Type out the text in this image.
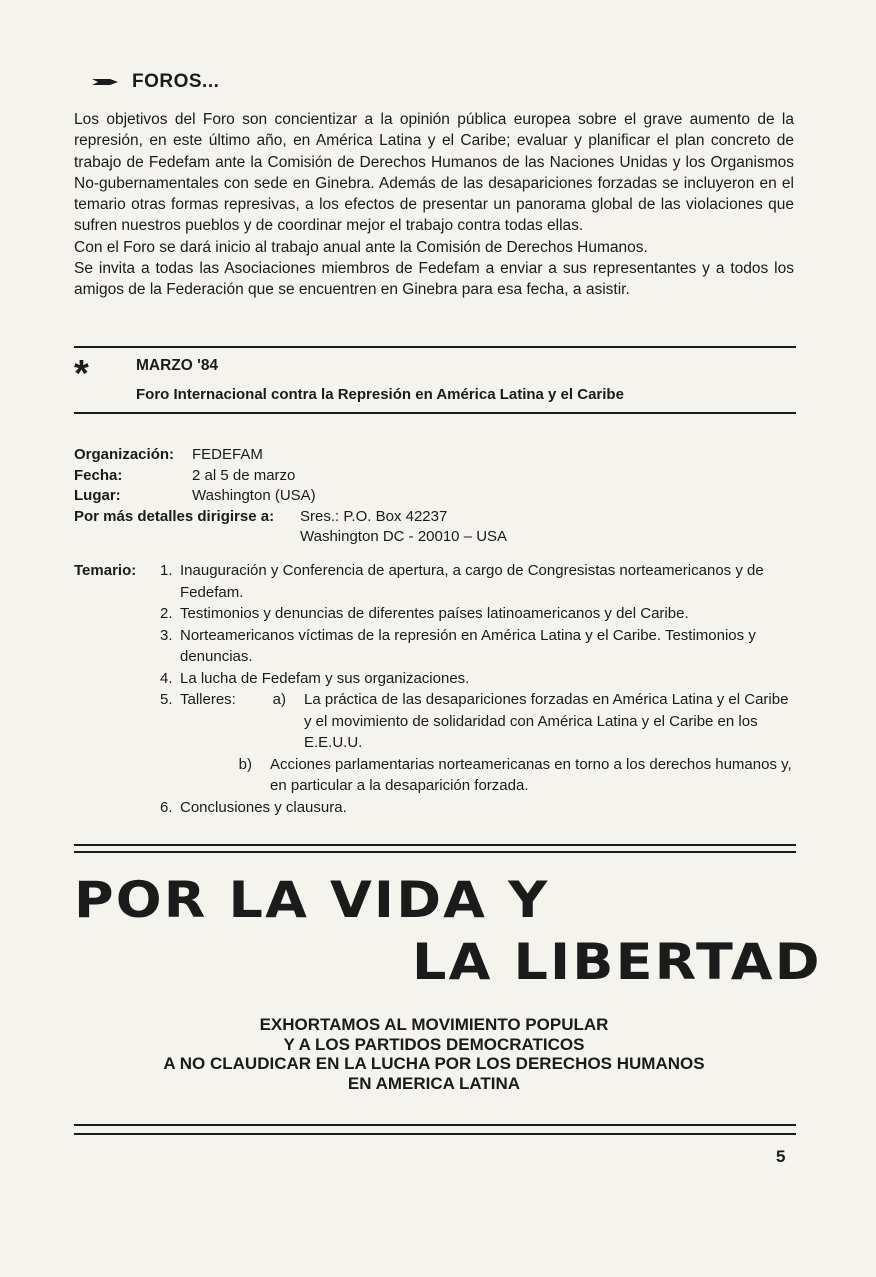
FOROS...

Los objetivos del Foro son concientizar a la opinión pública europea sobre el grave aumento de la represión, en este último año, en América Latina y el Caribe; evaluar y planificar el plan concreto de trabajo de Fedefam ante la Comisión de Derechos Humanos de las Naciones Unidas y los Organismos No-gubernamentales con sede en Ginebra. Además de las desapariciones forzadas se incluyeron en el temario otras formas represivas, a los efectos de presentar un panorama global de las violaciones que sufren nuestros pueblos y de coordinar mejor el trabajo contra todas ellas.

Con el Foro se dará inicio al trabajo anual ante la Comisión de Derechos Humanos.

Se invita a todas las Asociaciones miembros de Fedefam a enviar a sus representantes y a todos los amigos de la Federación que se encuentren en Ginebra para esa fecha, a asistir.

*	MARZO '84
Foro Internacional contra la Represión en América Latina y el Caribe
Organización:	FEDEFAM
Fecha:	2 al 5 de marzo
Lugar:	Washington (USA)
Por más detalles dirigirse a:	Sres.: P.O. Box 42237
Washington DC - 20010 – USA
Temario: 1. Inauguración y Conferencia de apertura, a cargo de Congresistas norteamericanos y de Fedefam.
2. Testimonios y denuncias de diferentes países latinoamericanos y del Caribe.
3. Norteamericanos víctimas de la represión en América Latina y el Caribe. Testimonios y denuncias.
4. La lucha de Fedefam y sus organizaciones.
5. Talleres:	a)	La práctica de las desapariciones forzadas en América Latina y el Caribe y el movimiento de solidaridad con América Latina y el Caribe en los E.E.U.U.
b)	Acciones parlamentarias norteamericanas en torno a los derechos humanos y, en particular a la desaparición forzada.
6. Conclusiones y clausura.
POR LA VIDA Y
LA LIBERTAD
EXHORTAMOS AL MOVIMIENTO POPULAR
Y A LOS PARTIDOS DEMOCRATICOS
A NO CLAUDICAR EN LA LUCHA POR LOS DERECHOS HUMANOS
EN AMERICA LATINA
5
